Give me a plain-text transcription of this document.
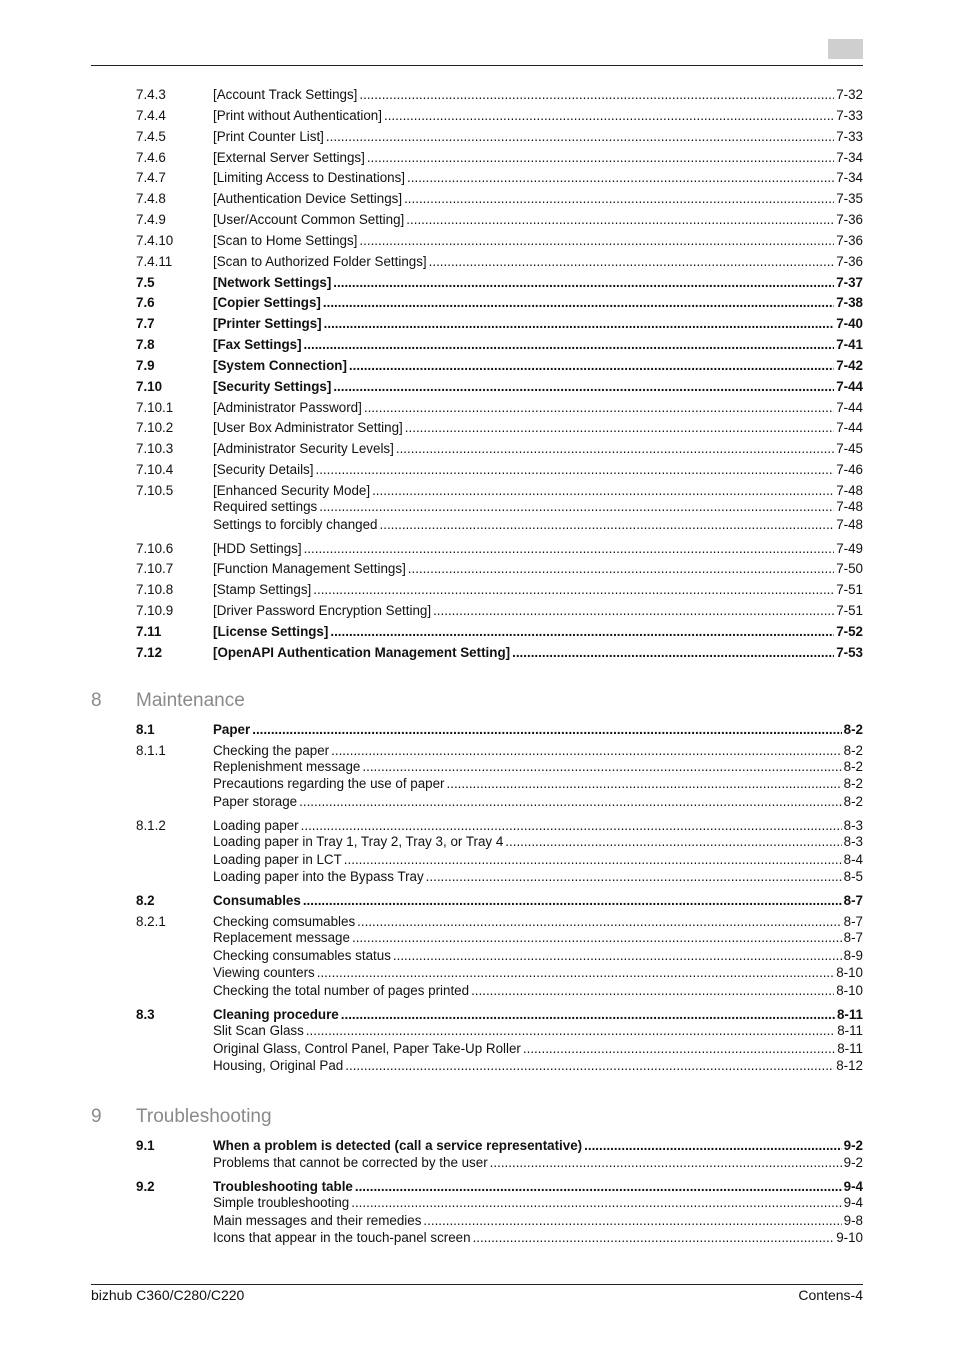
7.4.3	[Account Track Settings] .....	7-32
7.4.4	[Print without Authentication] .....	7-33
7.4.5	[Print Counter List] .....	7-33
7.4.6	[External Server Settings] .....	7-34
7.4.7	[Limiting Access to Destinations] .....	7-34
7.4.8	[Authentication Device Settings] .....	7-35
7.4.9	[User/Account Common Setting] .....	7-36
7.4.10	[Scan to Home Settings] .....	7-36
7.4.11	[Scan to Authorized Folder Settings] .....	7-36
7.5	[Network Settings] .....	7-37
7.6	[Copier Settings] .....	7-38
7.7	[Printer Settings] .....	7-40
7.8	[Fax Settings] .....	7-41
7.9	[System Connection] .....	7-42
7.10	[Security Settings] .....	7-44
7.10.1	[Administrator Password] .....	7-44
7.10.2	[User Box Administrator Setting] .....	7-44
7.10.3	[Administrator Security Levels] .....	7-45
7.10.4	[Security Details] .....	7-46
7.10.5	[Enhanced Security Mode] .....	7-48
Required settings .....	7-48
Settings to forcibly changed .....	7-48
7.10.6	[HDD Settings] .....	7-49
7.10.7	[Function Management Settings] .....	7-50
7.10.8	[Stamp Settings] .....	7-51
7.10.9	[Driver Password Encryption Setting] .....	7-51
7.11	[License Settings] .....	7-52
7.12	[OpenAPI Authentication Management Setting] .....	7-53
8.1	Paper .....	8-2
8.1.1	Checking the paper .....	8-2
Replenishment message .....	8-2
Precautions regarding the use of paper .....	8-2
Paper storage .....	8-2
8.1.2	Loading paper .....	8-3
Loading paper in Tray 1, Tray 2, Tray 3, or Tray 4 .....	8-3
Loading paper in LCT .....	8-4
Loading paper into the Bypass Tray .....	8-5
8.2	Consumables .....	8-7
8.2.1	Checking comsumables .....	8-7
Replacement message .....	8-7
Checking consumables status .....	8-9
Viewing counters .....	8-10
Checking the total number of pages printed .....	8-10
8.3	Cleaning procedure .....	8-11
Slit Scan Glass .....	8-11
Original Glass, Control Panel, Paper Take-Up Roller .....	8-11
Housing, Original Pad .....	8-12
9.1	When a problem is detected (call a service representative) .....	9-2
Problems that cannot be corrected by the user .....	9-2
9.2	Troubleshooting table .....	9-4
Simple troubleshooting .....	9-4
Main messages and their remedies .....	9-8
Icons that appear in the touch-panel screen .....	9-10
8	Maintenance
9	Troubleshooting
bizhub C360/C280/C220	Contens-4
